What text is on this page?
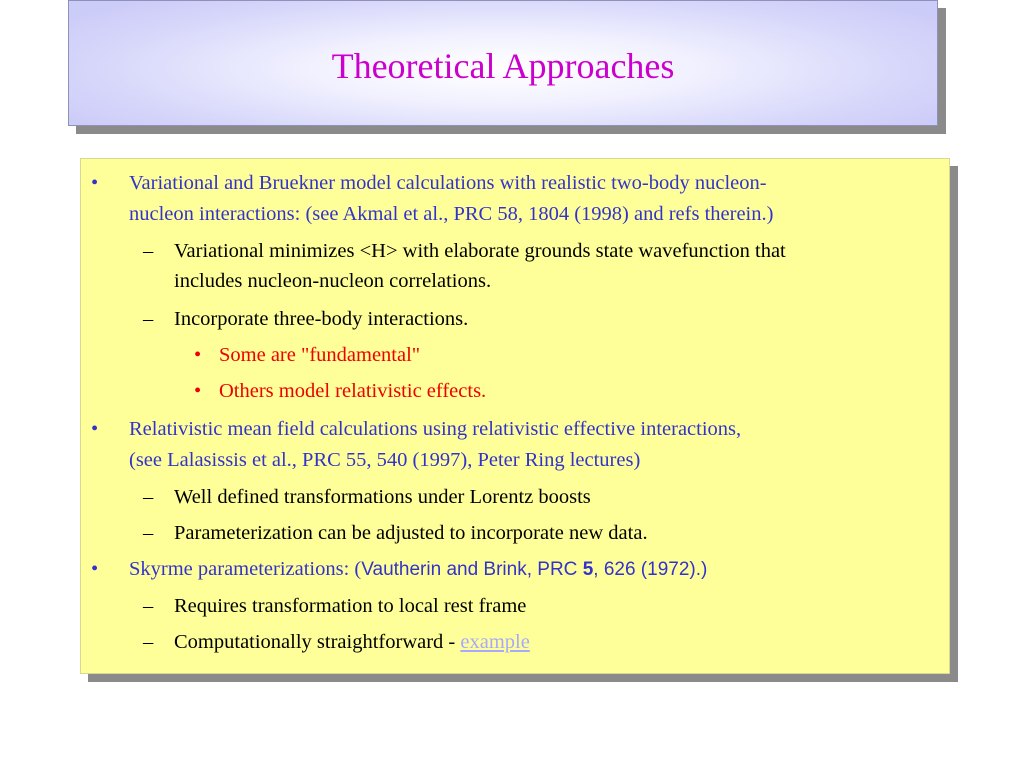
Theoretical Approaches
• Variational and Bruekner model calculations with realistic two-body nucleon-
nucleon interactions: (see Akmal et al., PRC 58, 1804 (1998) and refs therein.)
– Variational minimizes <H> with elaborate grounds state wavefunction that
includes nucleon-nucleon correlations.
– Incorporate three-body interactions.
• Some are "fundamental"
• Others model relativistic effects.
• Relativistic mean field calculations using relativistic effective interactions,
(see Lalasissis et al., PRC 55, 540 (1997), Peter Ring lectures)
– Well defined transformations under Lorentz boosts
– Parameterization can be adjusted to incorporate new data.
• Skyrme parameterizations: (Vautherin and Brink, PRC 5, 626 (1972).)
– Requires transformation to local rest frame
– Computationally straightforward - example
